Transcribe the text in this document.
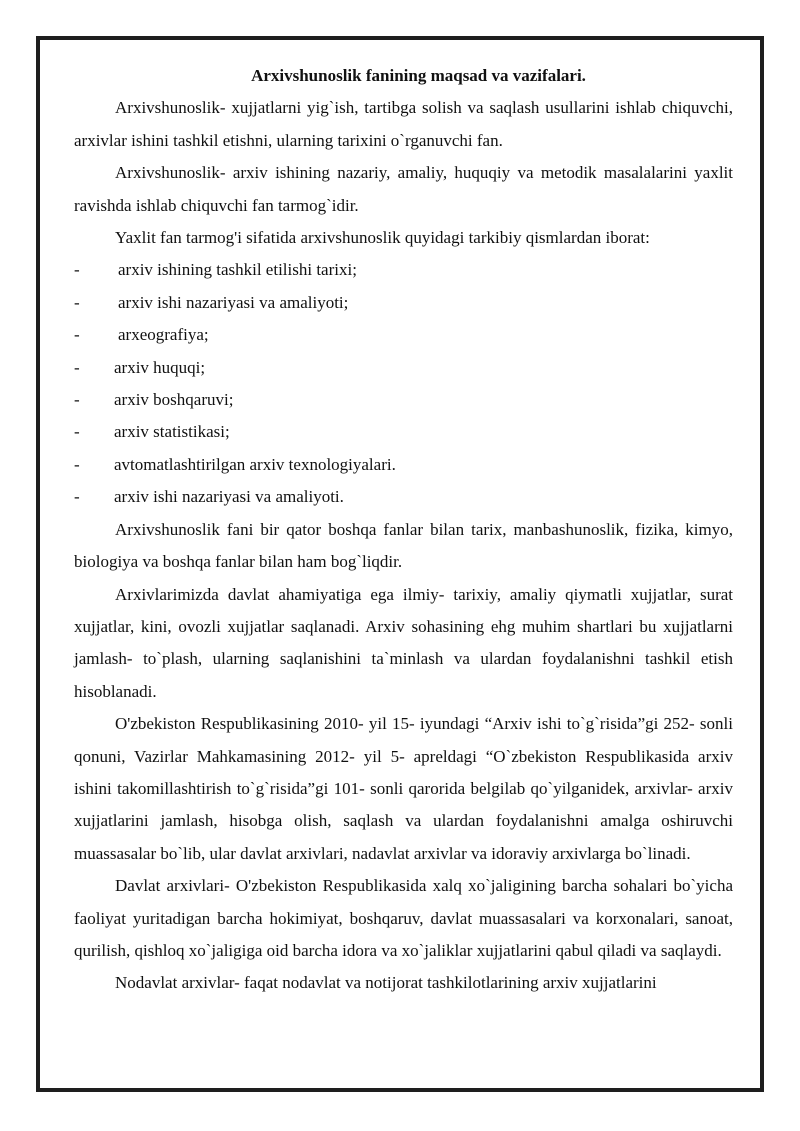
Arxivshunoslik fanining maqsad va vazifalari.

Arxivshunoslik- xujjatlarni yig`ish, tartibga solish va saqlash usullarini ishlab chiquvchi, arxivlar ishini tashkil etishni, ularning tarixini o`rganuvchi fan.

Arxivshunoslik- arxiv ishining nazariy, amaliy, huquqiy va metodik masalalarini yaxlit ravishda ishlab chiquvchi fan tarmog`idir.

Yaxlit fan tarmog'i sifatida arxivshunoslik quyidagi tarkibiy qismlardan iborat:

- arxiv ishining tashkil etilishi tarixi;
- arxiv ishi nazariyasi va amaliyoti;
- arxeografiya;
- arxiv huquqi;
- arxiv boshqaruvi;
- arxiv statistikasi;
- avtomatlashtirilgan arxiv texnologiyalari.
- arxiv ishi nazariyasi va amaliyoti.

Arxivshunoslik fani bir qator boshqa fanlar bilan tarix, manbashunoslik, fizika, kimyo, biologiya va boshqa fanlar bilan ham bog`liqdir.

Arxivlarimizda davlat ahamiyatiga ega ilmiy- tarixiy, amaliy qiymatli xujjatlar, surat xujjatlar, kini, ovozli xujjatlar saqlanadi. Arxiv sohasining ehg muhim shartlari bu xujjatlarni jamlash- to`plash, ularning saqlanishini ta`minlash va ulardan foydalanishni tashkil etish hisoblanadi.

O'zbekiston Respublikasining 2010- yil 15- iyundagi “Arxiv ishi to`g`risida”gi 252- sonli qonuni, Vazirlar Mahkamasining 2012- yil 5- apreldagi “O`zbekiston Respublikasida arxiv ishini takomillashtirish to`g`risida”gi 101- sonli qarorida belgilab qo`yilganidek, arxivlar- arxiv xujjatlarini jamlash, hisobga olish, saqlash va ulardan foydalanishni amalga oshiruvchi muassasalar bo`lib, ular davlat arxivlari, nadavlat arxivlar va idoraviy arxivlarga bo`linadi.

Davlat arxivlari- O'zbekiston Respublikasida xalq xo`jaligining barcha sohalari bo`yicha faoliyat yuritadigan barcha hokimiyat, boshqaruv, davlat muassasalari va korxonalari, sanoat, qurilish, qishloq xo`jaligiga oid barcha idora va xo`jaliklar xujjatlarini qabul qiladi va saqlaydi.

Nodavlat arxivlar- faqat nodavlat va notijorat tashkilotlarining arxiv xujjatlarini
